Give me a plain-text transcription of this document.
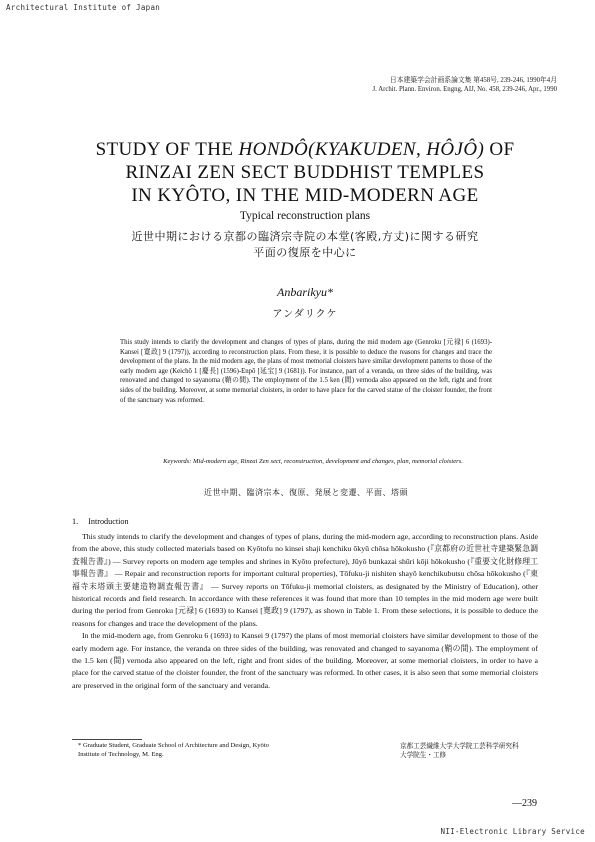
Architectural Institute of Japan
日本建築学会計画系論文集 第458号, 239-246, 1990年4月
J. Archit. Plann. Environ. Engng, AIJ, No. 458, 239-246, Apr., 1990
STUDY OF THE HONDÔ(KYAKUDEN, HÔJÔ) OF
RINZAI ZEN SECT BUDDHIST TEMPLES
IN KYÔTO, IN THE MID-MODERN AGE
Typical reconstruction plans
近世中期における京都の臨済宗寺院の本堂(客殿,方丈)に関する研究
平面の復原を中心に
Anbarikyu*
アンダリクケ
This study intends to clarify the development and changes of types of plans, during the mid modern age (Genroku [元禄] 6 (1693)-Kansei [寛政] 9 (1797)), according to reconstruction plans. From these, it is possible to deduce the reasons for changes and trace the development of the plans. In the mid modern age, the plans of most memorial cloisters have similar development patterns to those of the early modern age (Keichō 1 [慶長] (1596)-Enpō [延宝] 9 (1681)). For instance, part of a veranda, on three sides of the building, was renovated and changed to sayanoma (鞘の間). The employment of the 1.5 ken (間) vernoda also appeared on the left, right and front sides of the building. Moreover, at some memorial cloisters, in order to have place for the carved statue of the cloister founder, the front of the sanctuary was reformed.
Keywords: Mid-modern age, Rinzai Zen sect, reconstruction, development and changes, plan, memorial cloisters.
近世中期、臨済宗本、復原、発展と変遷、平面、塔頭
1. Introduction

This study intends to clarify the development and changes of types of plans, during the mid-modern age, according to reconstruction plans. Aside from the above, this study collected materials based on Kyōtofu no kinsei shaji kenchiku ōkyū chōsa hōkokusho (『京都府の近世社寺建築緊急調査報告書』) — Survey reports on modern age temples and shrines in Kyōto prefecture), Jūyō bunkazai shūri kōji hōkokusho (『重要文化財修理工事報告書』 — Repair and reconstruction reports for important cultural properties), Tōfuku-ji nishiten shayō kenchikubutsu chōsa hōkokusho (『東福寺末塔頭主要建造物調査報告書』 — Survey reports on Tōfuku-ji memorial cloisters, as designated by the Ministry of Education), other historical records and field research. In accordance with these references it was found that more than 10 temples in the mid modern age were built during the period from Genroku [元禄] 6 (1693) to Kansei [寛政] 9 (1797), as shown in Table 1. From these selections, it is possible to deduce the reasons for changes and trace the development of the plans.

In the mid-modern age, from Genroku 6 (1693) to Kansei 9 (1797) the plans of most memorial cloisters have similar development to those of the early modern age. For instance, the veranda on three sides of the building, was renovated and changed to sayanoma (鞘の間). The employment of the 1.5 ken (間) vernoda also appeared on the left, right and front sides of the building. Moreover, at some memorial cloisters, in order to have a place for the carved statue of the cloister founder, the front of the sanctuary was reformed. In other cases, it is also seen that some memorial cloisters are preserved in the original form of the sanctuary and veranda.

* Graduate Student, Graduate School of Architecture and Design, Kyōto
Institute of Technology, M. Eng.
京都工芸繊維大学大学院工芸科学研究科
大学院生・工修
—239
NII-Electronic Library Service
